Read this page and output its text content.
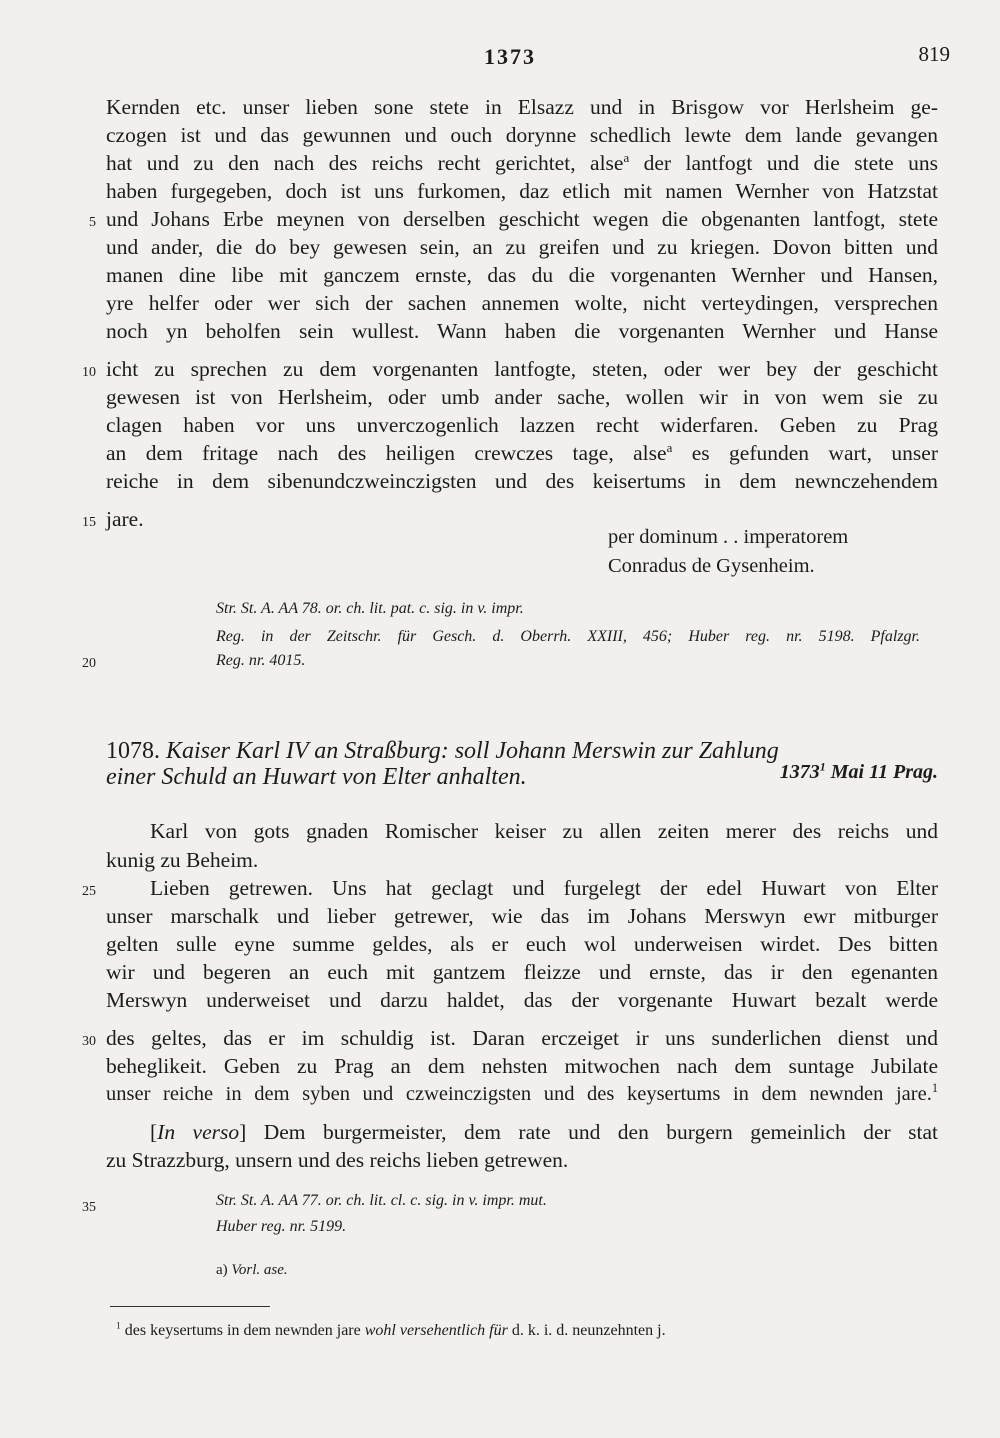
1373	819
Kernden etc. unser lieben sone stete in Elsazz und in Brisgow vor Herlsheim ge-
czogen ist und das gewunnen und ouch dorynne schedlich lewte dem lande gevangen
hat und zu den nach des reichs recht gerichtet, alse$^a$ der lantfogt und die stete uns
haben furgegeben, doch ist uns furkomen, daz etlich mit namen Wernher von Hatzstat
5 und Johans Erbe meynen von derselben geschicht wegen die obgenanten lantfogt, stete
und ander, die do bey gewesen sein, an zu greifen und zu kriegen. Dovon bitten und
manen dine libe mit ganczem ernste, das du die vorgenanten Wernher und Hansen,
yre helfer oder wer sich der sachen annemen wolte, nicht verteydingen, versprechen
noch yn beholfen sein wullest. Wann haben die vorgenanten Wernher und Hanse
10 icht zu sprechen zu dem vorgenanten lantfogte, steten, oder wer bey der geschicht
gewesen ist von Herlsheim, oder umb ander sache, wollen wir in von wem sie zu
clagen haben vor uns unverczogenlich lazzen recht widerfaren. Geben zu Prag
an dem fritage nach des heiligen crewczes tage, alse$^a$ es gefunden wart, unser
reiche in dem sibenundczweinczigsten und des keisertums in dem newnczehendem
15 jare.
per dominum . . imperatorem
Conradus de Gysenheim.
Str. St. A. AA 78. or. ch. lit. pat. c. sig. in v. impr.
Reg. in der Zeitschr. für Gesch. d. Oberrh. XXIII, 456; Huber reg. nr. 5198. Pfalzgr.
20	Reg. nr. 4015.
1078. Kaiser Karl IV an Straßburg: soll Johann Merswin zur Zahlung
einer Schuld an Huwart von Elter anhalten.	1373$^1$ Mai 11 Prag.
Karl von gots gnaden Romischer keiser zu allen zeiten merer des reichs und
kunig zu Beheim.
25	Lieben getrewen. Uns hat geclagt und furgelegt der edel Huwart von Elter
unser marschalk und lieber getrewer, wie das im Johans Merswyn ewr mitburger
gelten sulle eyne summe geldes, als er euch wol underweisen wirdet. Des bitten
wir und begeren an euch mit gantzem fleizze und ernste, das ir den egenanten
Merswyn underweiset und darzu haldet, das der vorgenante Huwart bezalt werde
30 des geltes, das er im schuldig ist. Daran erczeiget ir uns sunderlichen dienst und
beheglikeit. Geben zu Prag an dem nehsten mitwochen nach dem suntage Jubilate
unser reiche in dem syben und czweinczigsten und des keysertums in dem newnden jare.$^1$
[In verso] Dem burgermeister, dem rate und den burgern gemeinlich der stat
zu Strazzburg, unsern und des reichs lieben getrewen.
35	Str. St. A. AA 77. or. ch. lit. cl. c. sig. in v. impr. mut.
Huber reg. nr. 5199.
a) Vorl. ase.
$^1$ des keysertums in dem newnden jare wohl versehentlich für d. k. i. d. neunzehnten j.
